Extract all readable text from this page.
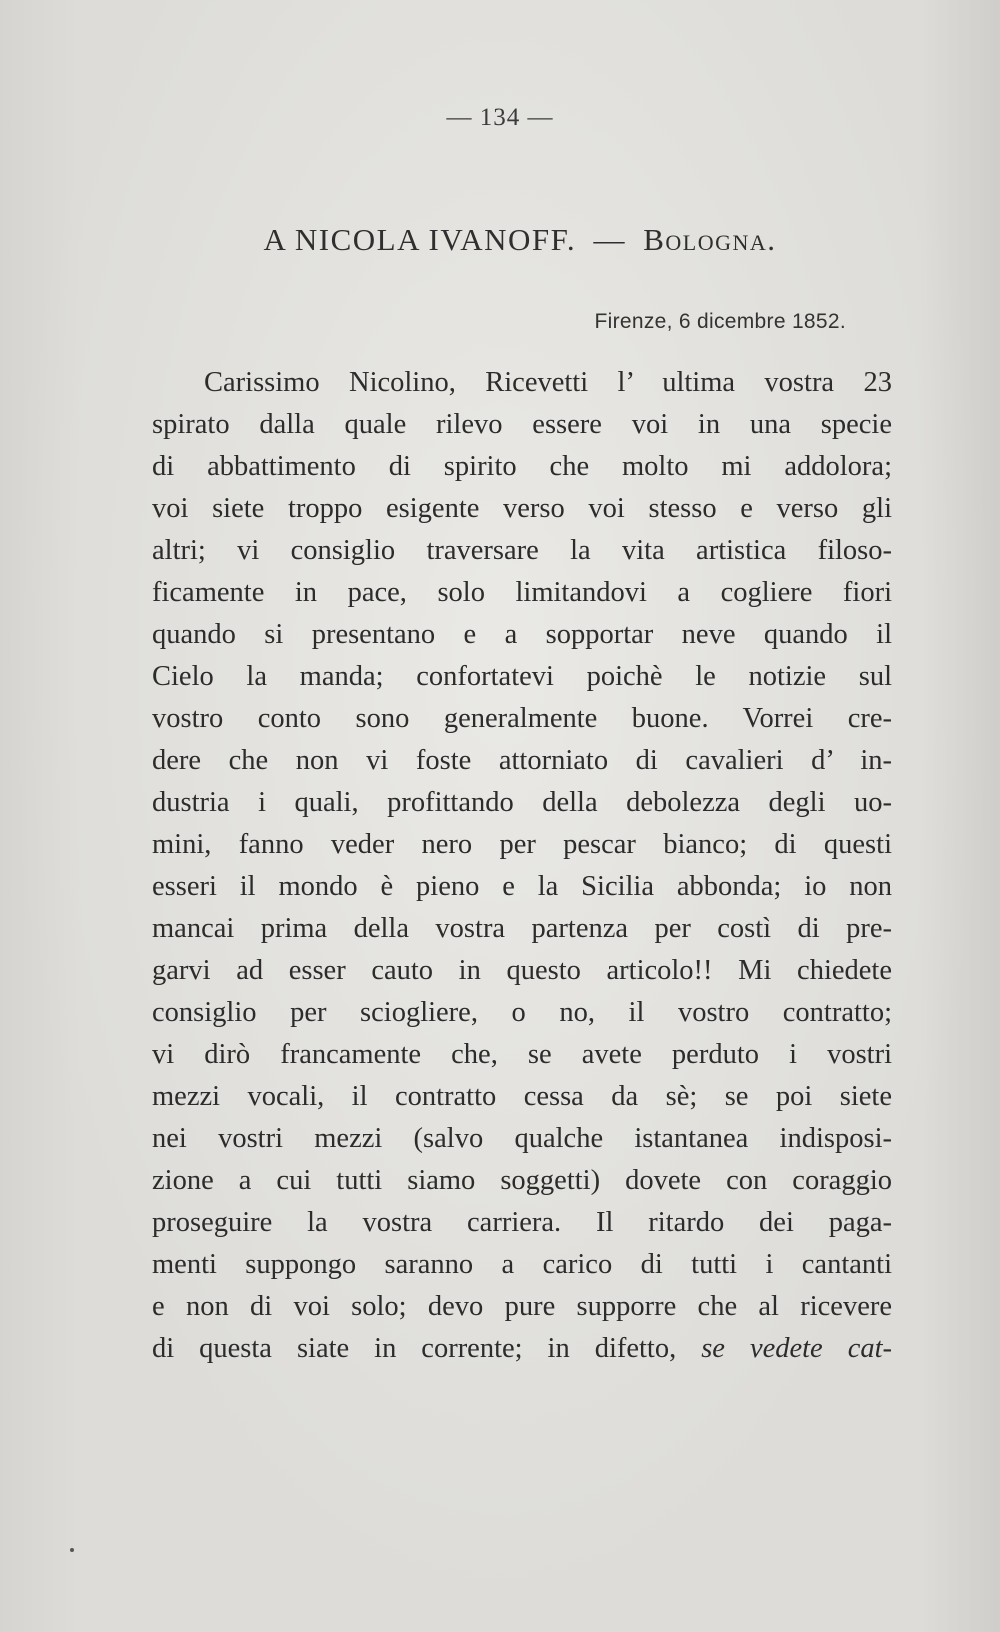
— 134 —
A NICOLA IVANOFF. — Bologna.
Firenze, 6 dicembre 1852.
Carissimo Nicolino, Ricevetti l’ ultima vostra 23
spirato dalla quale rilevo essere voi in una specie
di abbattimento di spirito che molto mi addolora;
voi siete troppo esigente verso voi stesso e verso gli
altri; vi consiglio traversare la vita artistica filoso-
ficamente in pace, solo limitandovi a cogliere fiori
quando si presentano e a sopportar neve quando il
Cielo la manda; confortatevi poichè le notizie sul
vostro conto sono generalmente buone. Vorrei cre-
dere che non vi foste attorniato di cavalieri d’ in-
dustria i quali, profittando della debolezza degli uo-
mini, fanno veder nero per pescar bianco; di questi
esseri il mondo è pieno e la Sicilia abbonda; io non
mancai prima della vostra partenza per costì di pre-
garvi ad esser cauto in questo articolo!! Mi chiedete
consiglio per sciogliere, o no, il vostro contratto;
vi dirò francamente che, se avete perduto i vostri
mezzi vocali, il contratto cessa da sè; se poi siete
nei vostri mezzi (salvo qualche istantanea indisposi-
zione a cui tutti siamo soggetti) dovete con coraggio
proseguire la vostra carriera. Il ritardo dei paga-
menti suppongo saranno a carico di tutti i cantanti
e non di voi solo; devo pure supporre che al ricevere
di questa siate in corrente; in difetto, se vedete cat-
